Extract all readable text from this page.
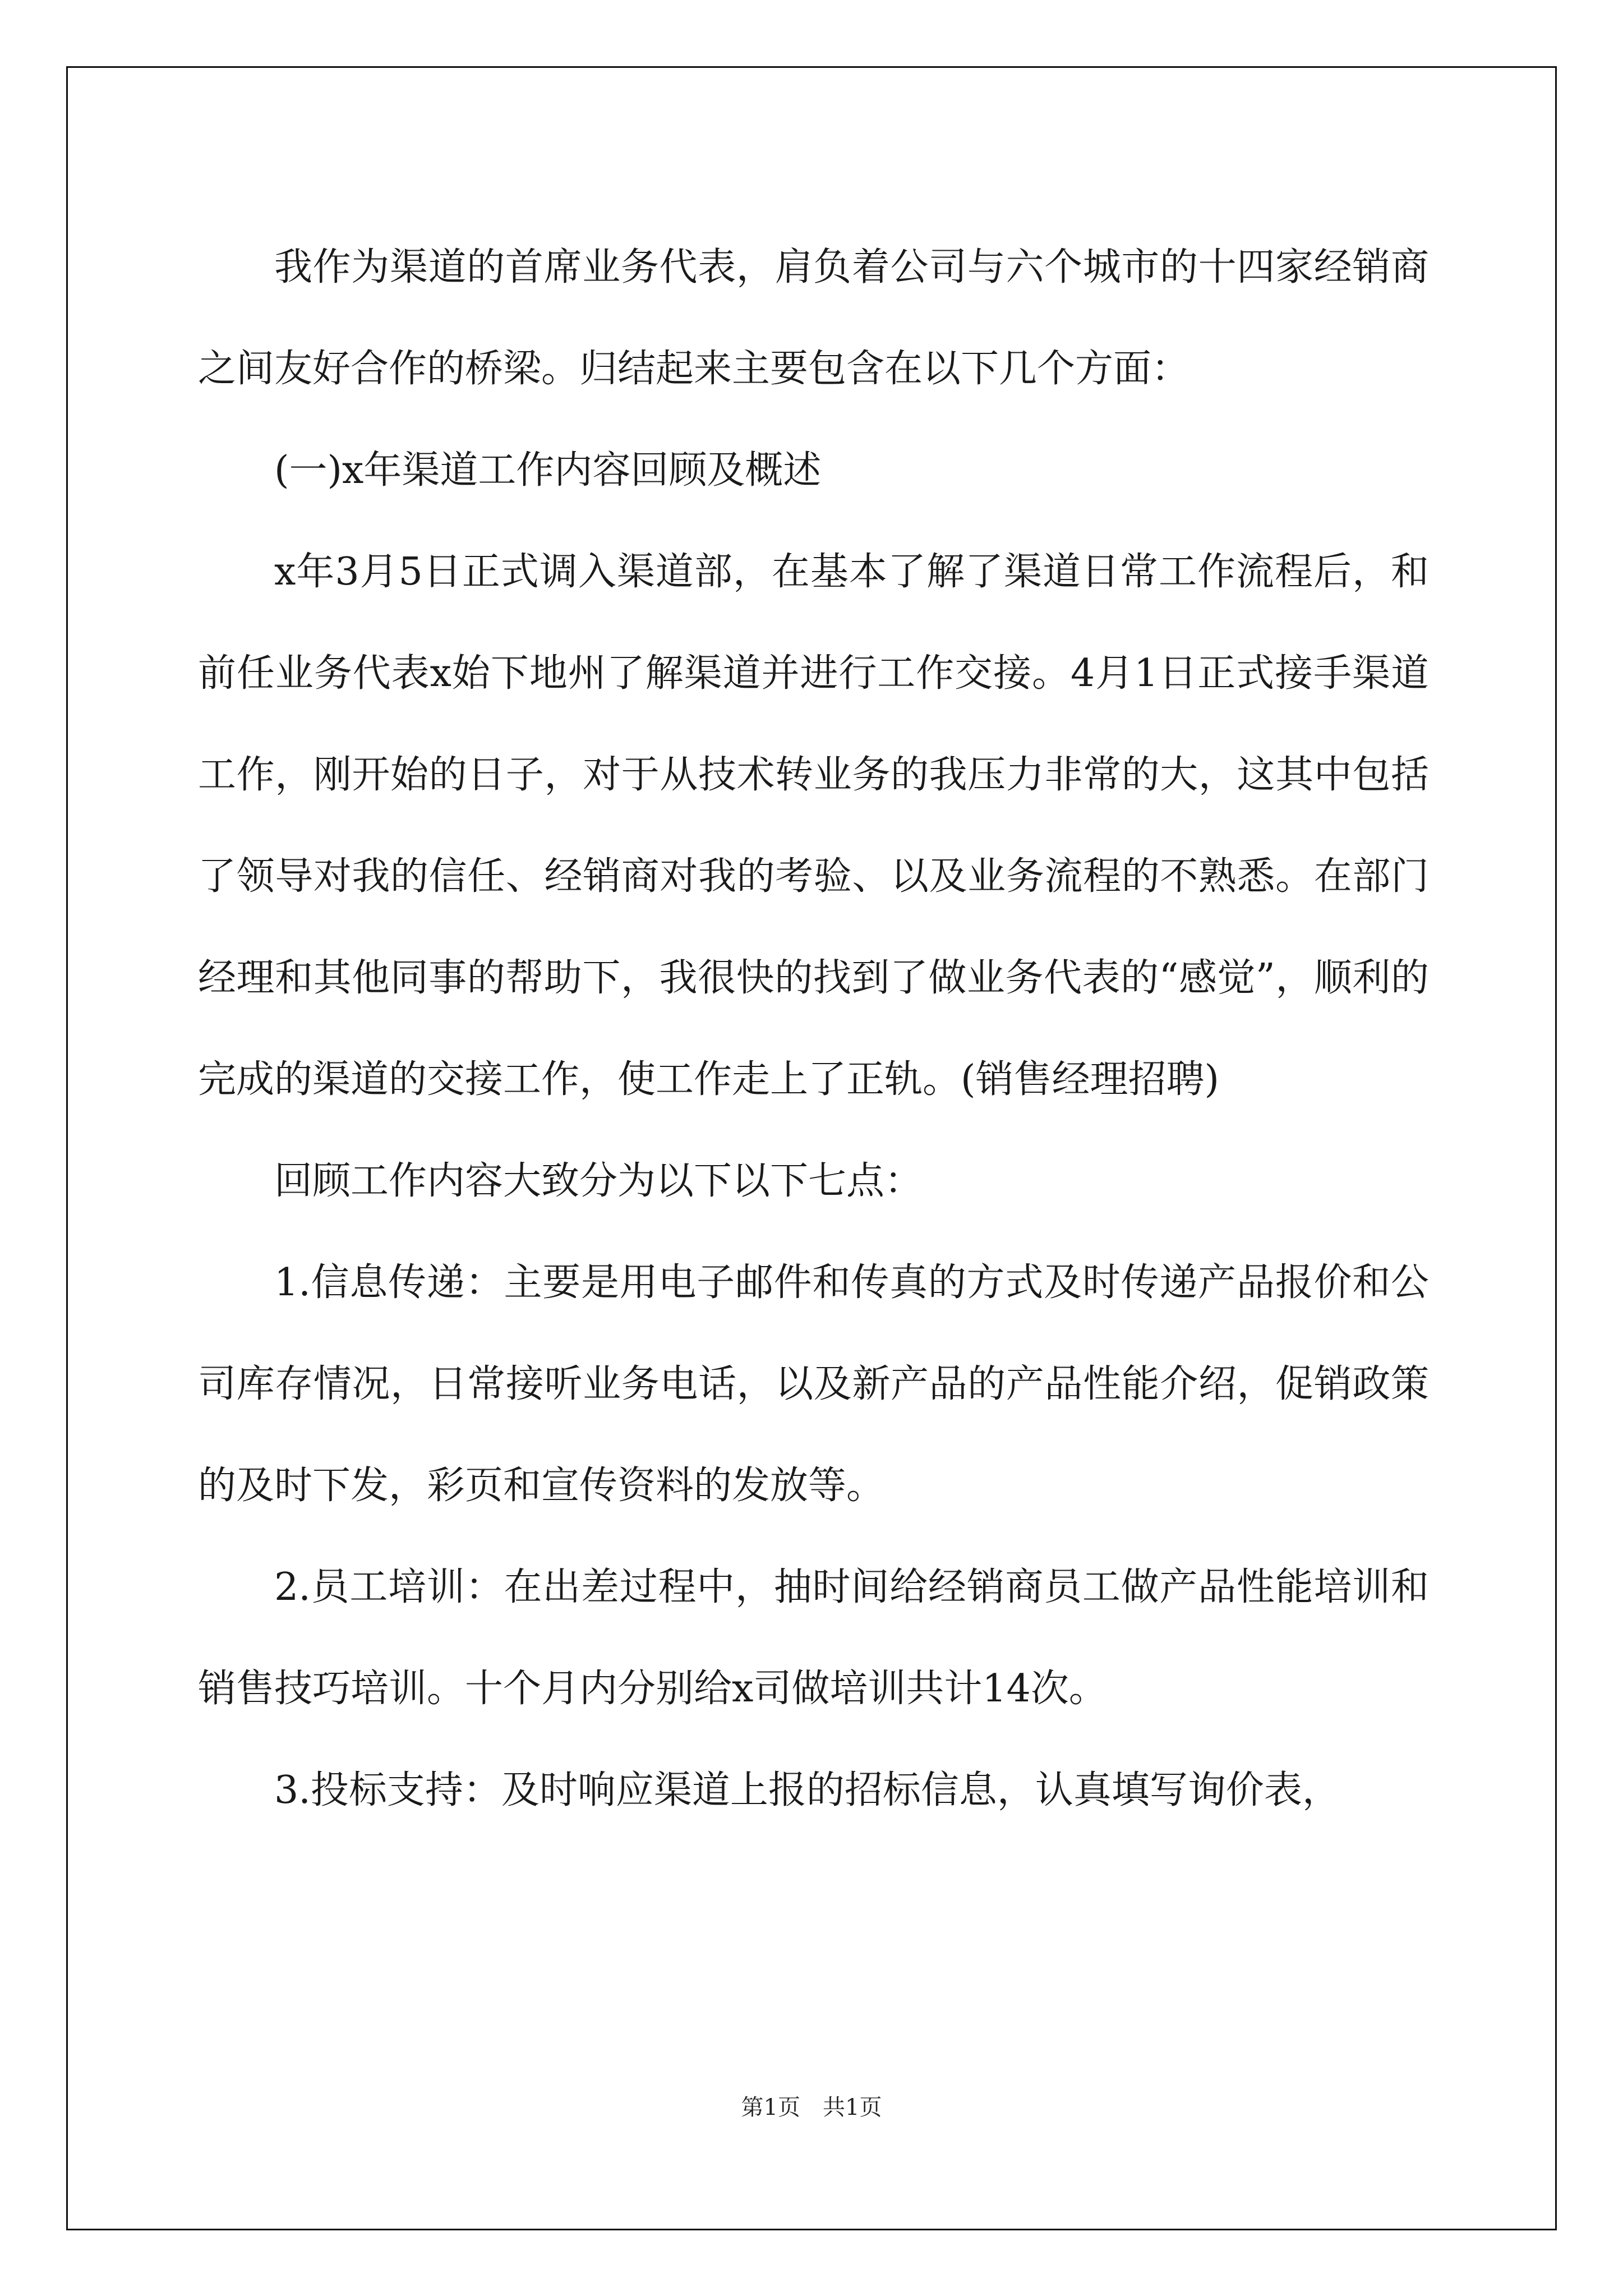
我作为渠道的首席业务代表，肩负着公司与六个城市的十四家经销商之间友好合作的桥梁。归结起来主要包含在以下几个方面：

(一)x年渠道工作内容回顾及概述

x年3月5日正式调入渠道部，在基本了解了渠道日常工作流程后，和前任业务代表x始下地州了解渠道并进行工作交接。4月1日正式接手渠道工作，刚开始的日子，对于从技术转业务的我压力非常的大，这其中包括了领导对我的信任、经销商对我的考验、以及业务流程的不熟悉。在部门经理和其他同事的帮助下，我很快的找到了做业务代表的“感觉”，顺利的完成的渠道的交接工作，使工作走上了正轨。(销售经理招聘)

回顾工作内容大致分为以下以下七点：

1.信息传递：主要是用电子邮件和传真的方式及时传递产品报价和公司库存情况，日常接听业务电话，以及新产品的产品性能介绍，促销政策的及时下发，彩页和宣传资料的发放等。

2.员工培训：在出差过程中，抽时间给经销商员工做产品性能培训和销售技巧培训。十个月内分别给x司做培训共计14次。

3.投标支持：及时响应渠道上报的招标信息，认真填写询价表，

第1页 共1页
